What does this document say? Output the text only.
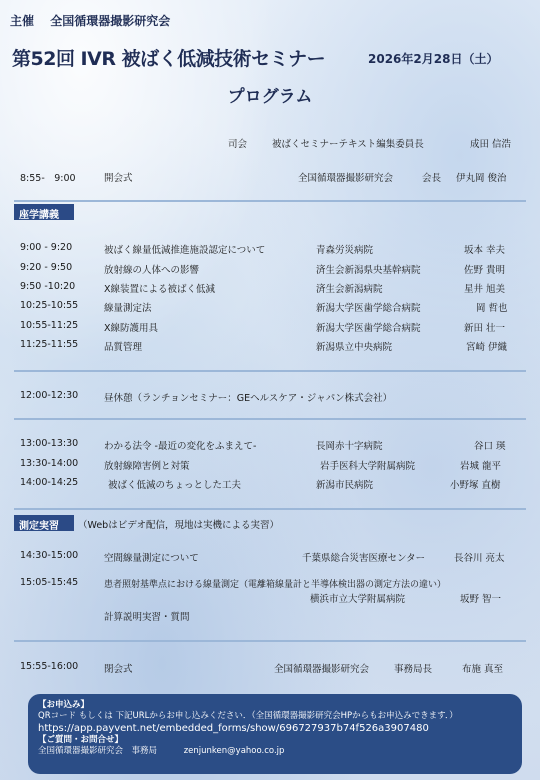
主催 全国循環器撮影研究会
第52回 IVR 被ばく低減技術セミナー	2026年2月28日（土）
プログラム
司会	被ばくセミナーテキスト編集委員長	成田 信浩
8:55-　9:00	開会式	全国循環器撮影研究会	会長 伊丸岡 俊治
座学講義
9:00 - 9:20	被ばく線量低減推進施設認定について	青森労災病院	坂本 幸夫
9:20 - 9:50	放射線の人体への影響	済生会新潟県央基幹病院	佐野 貴明
9:50 -10:20	X線装置による被ばく低減	済生会新潟病院	星井 旭美
10:25-10:55	線量測定法	新潟大学医歯学総合病院	岡 哲也
10:55-11:25	X線防護用具	新潟大学医歯学総合病院	新田 壮一
11:25-11:55	品質管理	新潟県立中央病院	宮崎 伊織
12:00-12:30	昼休憩（ランチョンセミナー：GEヘルスケア・ジャパン株式会社）
13:00-13:30	わかる法令 -最近の変化をふまえて-	長岡赤十字病院	谷口 瑛
13:30-14:00	放射線障害例と対策	岩手医科大学附属病院	岩城 龍平
14:00-14:25	被ばく低減のちょっとした工夫	新潟市民病院	小野塚 直樹
測定実習	（Webはビデオ配信，現地は実機による実習）
14:30-15:00	空間線量測定について	千葉県総合災害医療センター	長谷川 亮太
15:05-15:45	患者照射基準点における線量測定（電離箱線量計と半導体検出器の測定方法の違い）
横浜市立大学附属病院	坂野 智一
計算説明実習・質問
15:55-16:00	閉会式	全国循環器撮影研究会	事務局長	布施 真至
【お申込み】
QRコード もしくは 下記URLからお申し込みください．（全国循環器撮影研究会HPからもお申込みできます．）
https://app.payvent.net/embedded_forms/show/696727937b74f526a3907480
【ご質問・お問合せ】
全国循環器撮影研究会　事務局	zenjunken@yahoo.co.jp
